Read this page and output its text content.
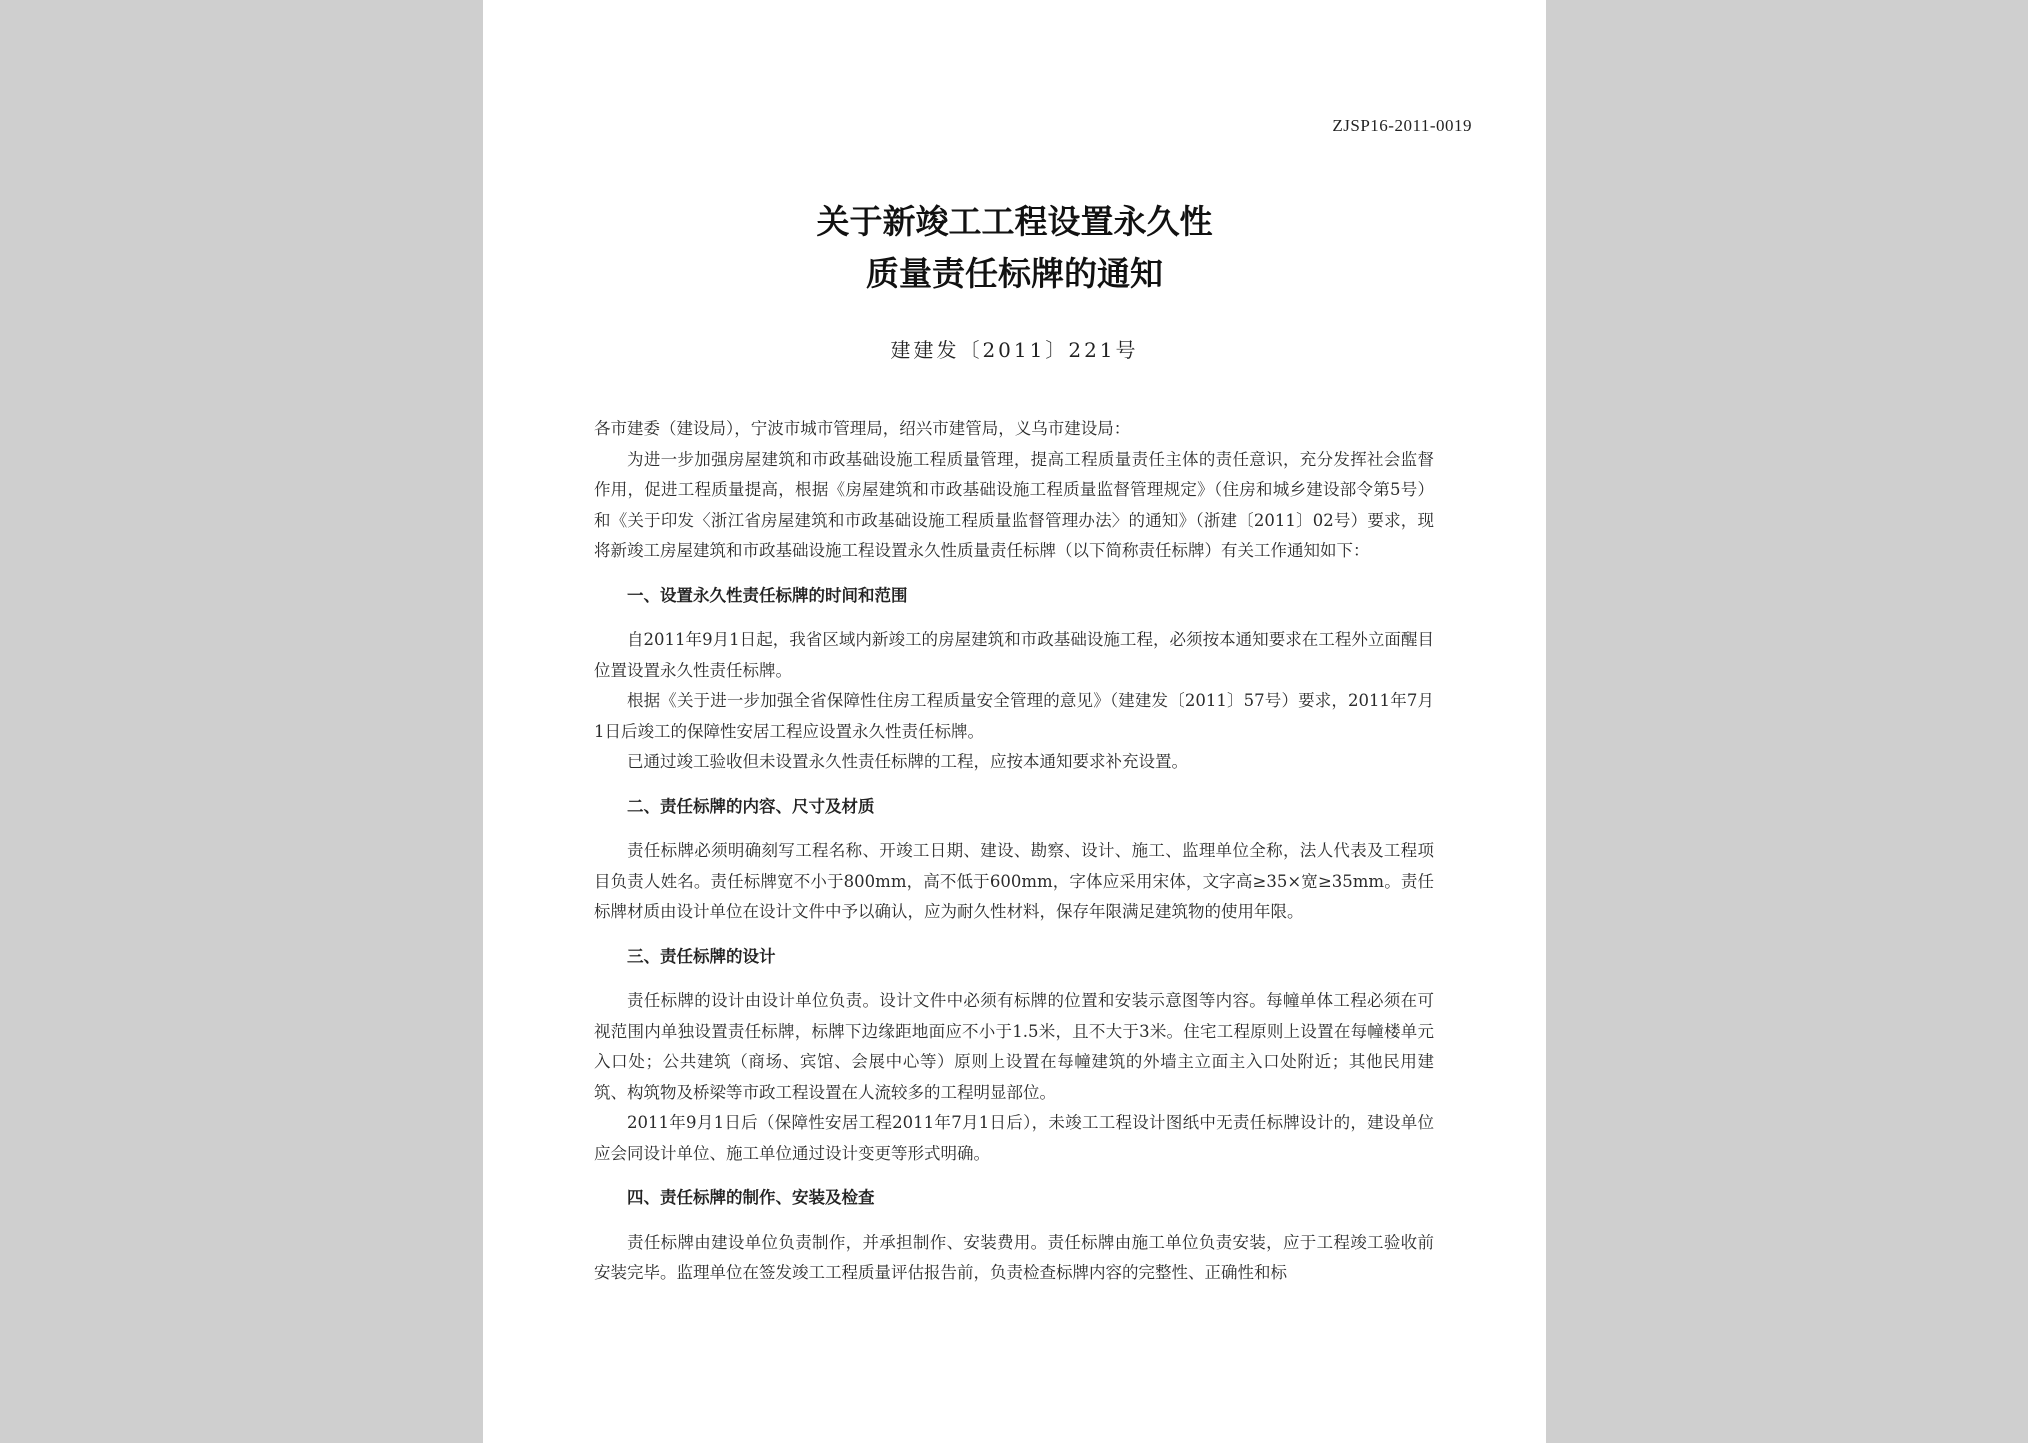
ZJSP16-2011-0019
关于新竣工工程设置永久性
质量责任标牌的通知
建建发〔2011〕221号

各市建委（建设局），宁波市城市管理局，绍兴市建管局，义乌市建设局：

为进一步加强房屋建筑和市政基础设施工程质量管理，提高工程质量责任主体的责任意识，充分发挥社会监督作用，促进工程质量提高，根据《房屋建筑和市政基础设施工程质量监督管理规定》（住房和城乡建设部令第5号）和《关于印发〈浙江省房屋建筑和市政基础设施工程质量监督管理办法〉的通知》（浙建〔2011〕02号）要求，现将新竣工房屋建筑和市政基础设施工程设置永久性质量责任标牌（以下简称责任标牌）有关工作通知如下：

一、设置永久性责任标牌的时间和范围

自2011年9月1日起，我省区域内新竣工的房屋建筑和市政基础设施工程，必须按本通知要求在工程外立面醒目位置设置永久性责任标牌。

根据《关于进一步加强全省保障性住房工程质量安全管理的意见》（建建发〔2011〕57号）要求，2011年7月1日后竣工的保障性安居工程应设置永久性责任标牌。

已通过竣工验收但未设置永久性责任标牌的工程，应按本通知要求补充设置。

二、责任标牌的内容、尺寸及材质

责任标牌必须明确刻写工程名称、开竣工日期、建设、勘察、设计、施工、监理单位全称，法人代表及工程项目负责人姓名。责任标牌宽不小于800mm，高不低于600mm，字体应采用宋体，文字高≥35×宽≥35mm。责任标牌材质由设计单位在设计文件中予以确认，应为耐久性材料，保存年限满足建筑物的使用年限。

三、责任标牌的设计

责任标牌的设计由设计单位负责。设计文件中必须有标牌的位置和安装示意图等内容。每幢单体工程必须在可视范围内单独设置责任标牌，标牌下边缘距地面应不小于1.5米，且不大于3米。住宅工程原则上设置在每幢楼单元入口处；公共建筑（商场、宾馆、会展中心等）原则上设置在每幢建筑的外墙主立面主入口处附近；其他民用建筑、构筑物及桥梁等市政工程设置在人流较多的工程明显部位。

2011年9月1日后（保障性安居工程2011年7月1日后），未竣工工程设计图纸中无责任标牌设计的，建设单位应会同设计单位、施工单位通过设计变更等形式明确。

四、责任标牌的制作、安装及检查

责任标牌由建设单位负责制作，并承担制作、安装费用。责任标牌由施工单位负责安装，应于工程竣工验收前安装完毕。监理单位在签发竣工工程质量评估报告前，负责检查标牌内容的完整性、正确性和标
